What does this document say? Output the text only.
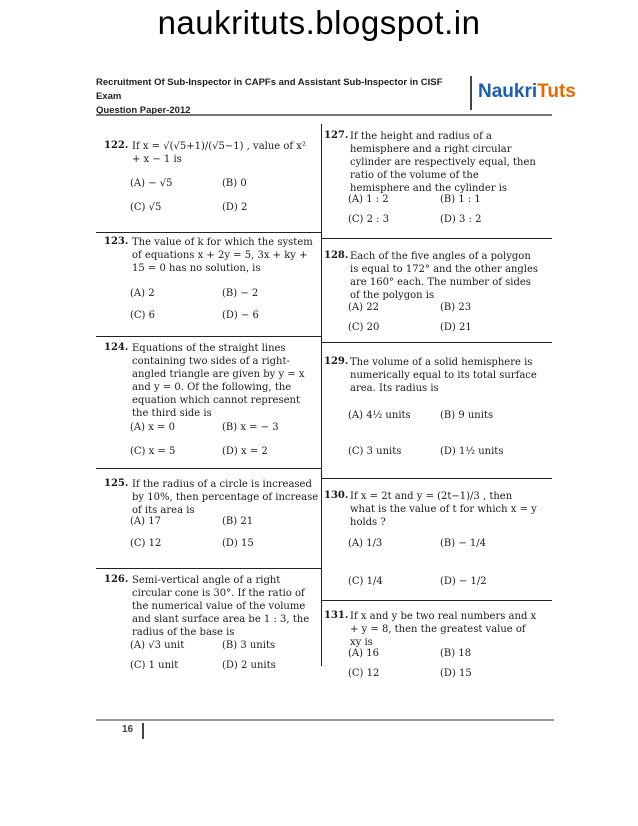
naukrituts.blogspot.in
Recruitment Of Sub-Inspector in CAPFs and Assistant Sub-Inspector in CISF Exam
Question Paper-2012
NaukriTuts
122. If x = √(√5+1)/(√5−1) , value of x² + x − 1 is
(A) − √5	(B) 0
(C) √5	(D) 2
123. The value of k for which the system of equations x + 2y = 5, 3x + ky + 15 = 0 has no solution, is
(A) 2	(B) − 2
(C) 6	(D) − 6
124. Equations of the straight lines containing two sides of a right-angled triangle are given by y = x and y = 0. Of the following, the equation which cannot represent the third side is
(A) x = 0	(B) x = − 3
(C) x = 5	(D) x = 2
125. If the radius of a circle is increased by 10%, then percentage of increase of its area is
(A) 17	(B) 21
(C) 12	(D) 15
126. Semi-vertical angle of a right circular cone is 30°. If the ratio of the numerical value of the volume and slant surface area be 1 : 3, the radius of the base is
(A) √3 unit	(B) 3 units
(C) 1 unit	(D) 2 units
127. If the height and radius of a hemisphere and a right circular cylinder are respectively equal, then ratio of the volume of the hemisphere and the cylinder is
(A) 1 : 2	(B) 1 : 1
(C) 2 : 3	(D) 3 : 2
128. Each of the five angles of a polygon is equal to 172° and the other angles are 160° each. The number of sides of the polygon is
(A) 22	(B) 23
(C) 20	(D) 21
129. The volume of a solid hemisphere is numerically equal to its total surface area. Its radius is
(A) 4½ units	(B) 9 units
(C) 3 units	(D) 1½ units
130. If x = 2t and y = (2t−1)/3 , then what is the value of t for which x = y holds ?
(A) 1/3	(B) − 1/4
(C) 1/4	(D) − 1/2
131. If x and y be two real numbers and x + y = 8, then the greatest value of xy is
(A) 16	(B) 18
(C) 12	(D) 15
16
